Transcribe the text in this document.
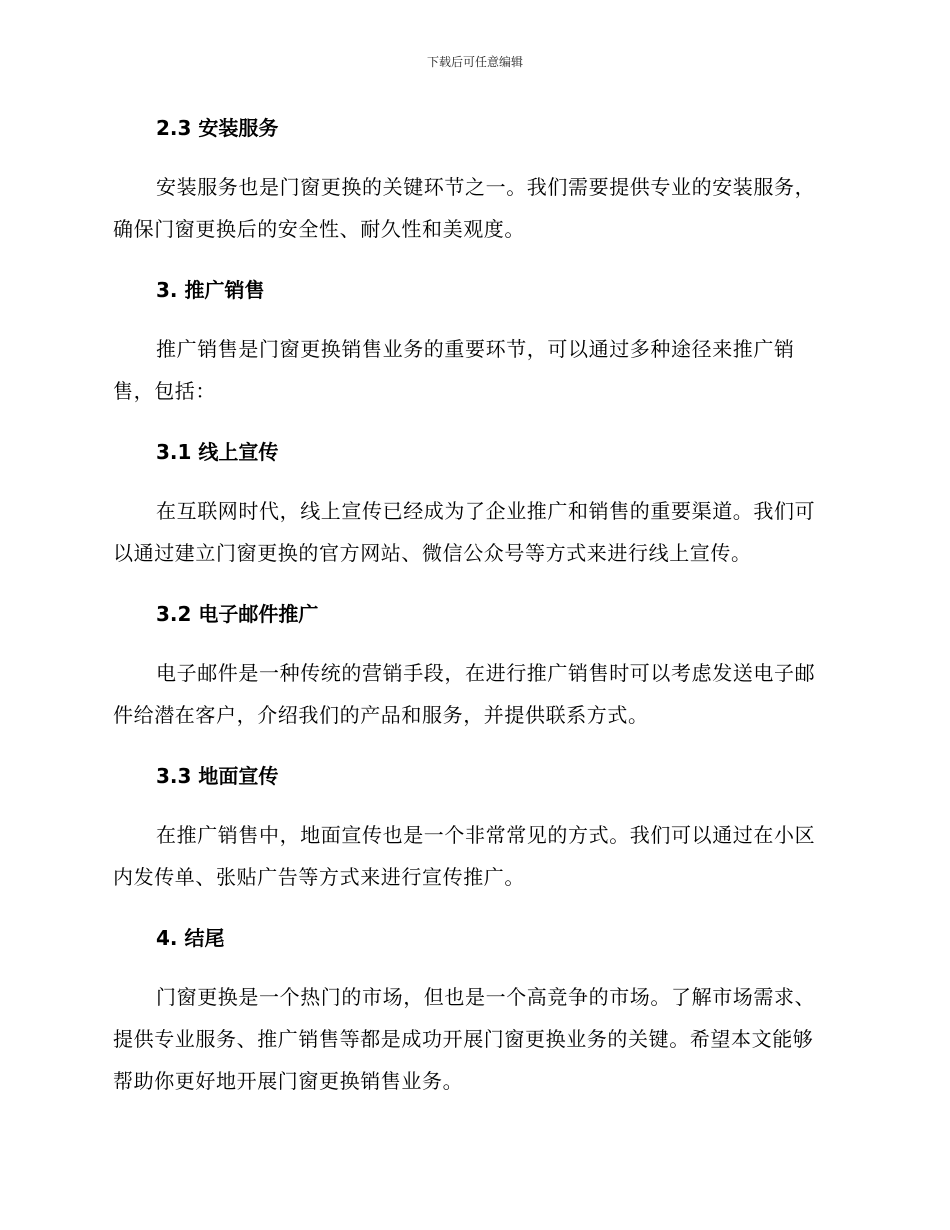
下载后可任意编辑
2.3 安装服务

安装服务也是门窗更换的关键环节之一。我们需要提供专业的安装服务，确保门窗更换后的安全性、耐久性和美观度。

3. 推广销售

推广销售是门窗更换销售业务的重要环节，可以通过多种途径来推广销售，包括：

3.1 线上宣传

在互联网时代，线上宣传已经成为了企业推广和销售的重要渠道。我们可以通过建立门窗更换的官方网站、微信公众号等方式来进行线上宣传。

3.2 电子邮件推广

电子邮件是一种传统的营销手段，在进行推广销售时可以考虑发送电子邮件给潜在客户，介绍我们的产品和服务，并提供联系方式。

3.3 地面宣传

在推广销售中，地面宣传也是一个非常常见的方式。我们可以通过在小区内发传单、张贴广告等方式来进行宣传推广。

4. 结尾

门窗更换是一个热门的市场，但也是一个高竞争的市场。了解市场需求、提供专业服务、推广销售等都是成功开展门窗更换业务的关键。希望本文能够帮助你更好地开展门窗更换销售业务。
